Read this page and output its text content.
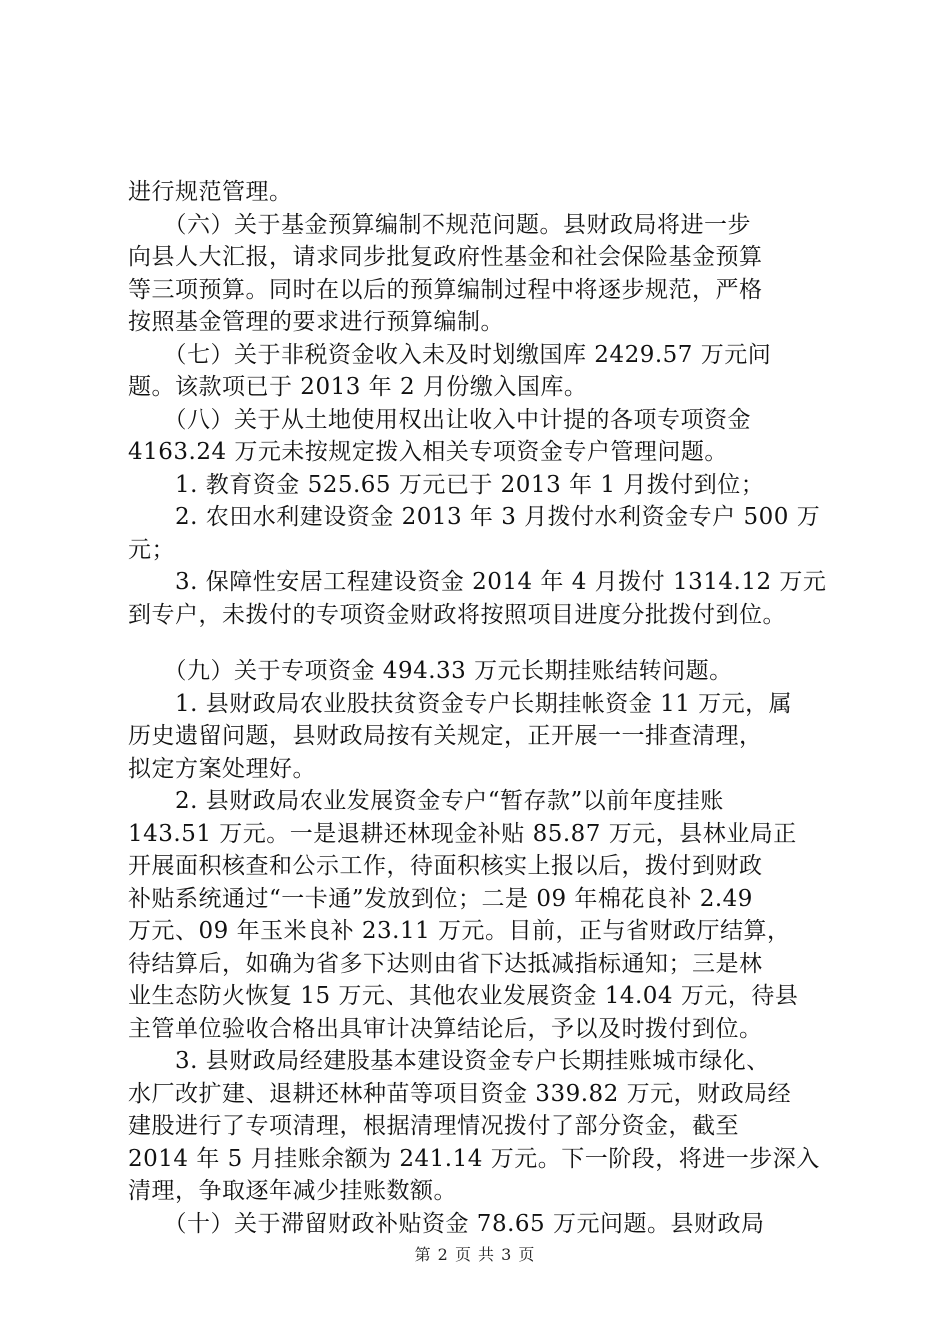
进行规范管理。
　　（六）关于基金预算编制不规范问题。县财政局将进一步
向县人大汇报，请求同步批复政府性基金和社会保险基金预算
等三项预算。同时在以后的预算编制过程中将逐步规范，严格
按照基金管理的要求进行预算编制。
　　（七）关于非税资金收入未及时划缴国库 2429.57 万元问
题。该款项已于 2013 年 2 月份缴入国库。
　　（八）关于从土地使用权出让收入中计提的各项专项资金
4163.24 万元未按规定拨入相关专项资金专户管理问题。
　　1. 教育资金 525.65 万元已于 2013 年 1 月拨付到位；
　　2. 农田水利建设资金 2013 年 3 月拨付水利资金专户 500 万
元；
　　3. 保障性安居工程建设资金 2014 年 4 月拨付 1314.12 万元
到专户，未拨付的专项资金财政将按照项目进度分批拨付到位。
　　（九）关于专项资金 494.33 万元长期挂账结转问题。
　　1. 县财政局农业股扶贫资金专户长期挂帐资金 11 万元，属
历史遗留问题，县财政局按有关规定，正开展一一排查清理，
拟定方案处理好。
　　2. 县财政局农业发展资金专户“暂存款”以前年度挂账
143.51 万元。一是退耕还林现金补贴 85.87 万元，县林业局正
开展面积核查和公示工作，待面积核实上报以后，拨付到财政
补贴系统通过“一卡通”发放到位；二是 09 年棉花良补 2.49
万元、09 年玉米良补 23.11 万元。目前，正与省财政厅结算，
待结算后，如确为省多下达则由省下达抵减指标通知；三是林
业生态防火恢复 15 万元、其他农业发展资金 14.04 万元，待县
主管单位验收合格出具审计决算结论后，予以及时拨付到位。
　　3. 县财政局经建股基本建设资金专户长期挂账城市绿化、
水厂改扩建、退耕还林种苗等项目资金 339.82 万元，财政局经
建股进行了专项清理，根据清理情况拨付了部分资金，截至
2014 年 5 月挂账余额为 241.14 万元。下一阶段，将进一步深入
清理，争取逐年减少挂账数额。
　　（十）关于滞留财政补贴资金 78.65 万元问题。县财政局
第 2 页 共 3 页
